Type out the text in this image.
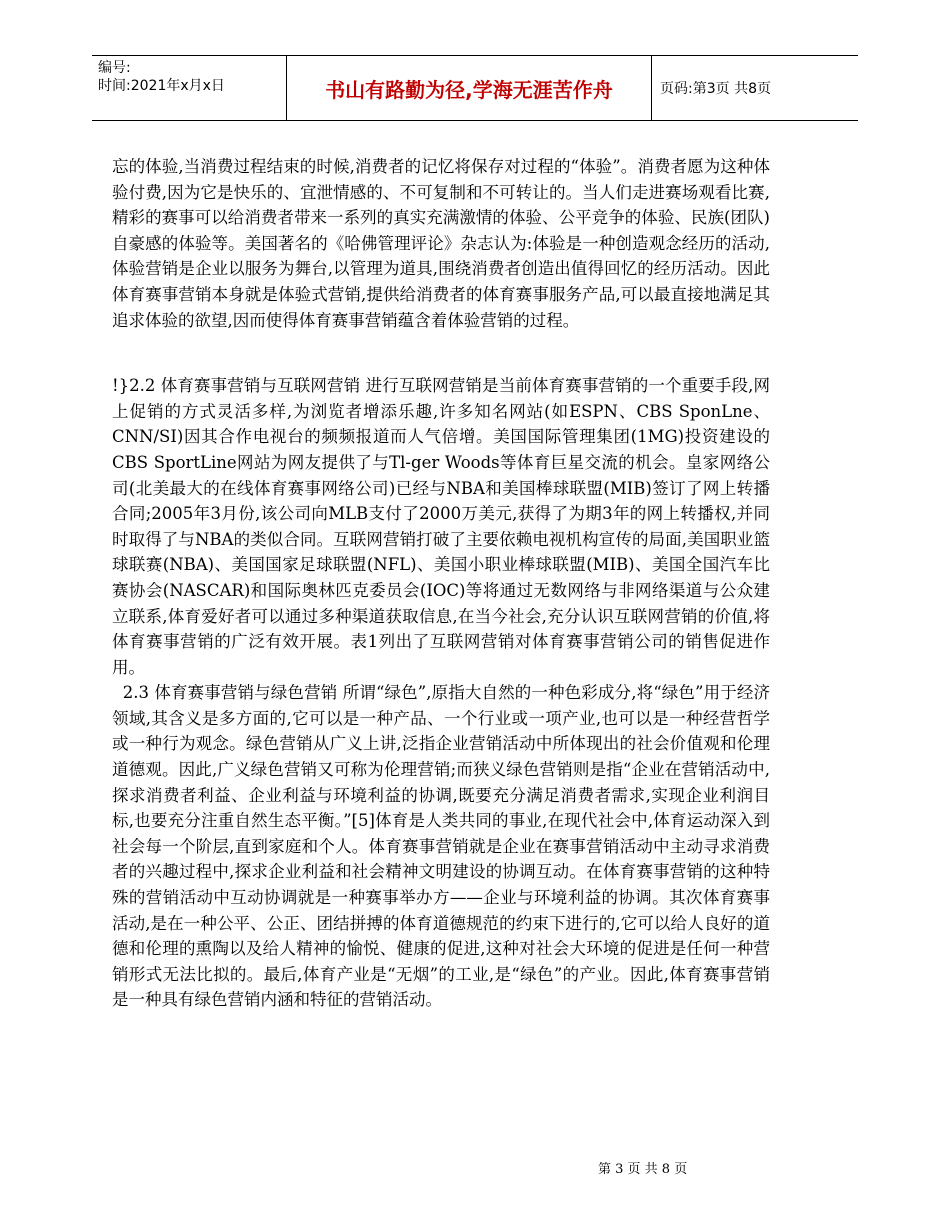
编号:
时间:2021年x月x日	书山有路勤为径,学海无涯苦作舟	页码:第3页 共8页

忘的体验,当消费过程结束的时候,消费者的记忆将保存对过程的“体验”。消费者愿为这种体验付费,因为它是快乐的、宜泄情感的、不可复制和不可转让的。当人们走进赛场观看比赛,精彩的赛事可以给消费者带来一系列的真实充满激情的体验、公平竞争的体验、民族(团队)自豪感的体验等。美国著名的《哈佛管理评论》杂志认为:体验是一种创造观念经历的活动,体验营销是企业以服务为舞台,以管理为道具,围绕消费者创造出值得回忆的经历活动。因此体育赛事营销本身就是体验式营销,提供给消费者的体育赛事服务产品,可以最直接地满足其追求体验的欲望,因而使得体育赛事营销蕴含着体验营销的过程。

!}2.2 体育赛事营销与互联网营销 进行互联网营销是当前体育赛事营销的一个重要手段,网上促销的方式灵活多样,为浏览者增添乐趣,许多知名网站(如ESPN、CBS SponLne、CNN/SI)因其合作电视台的频频报道而人气倍增。美国国际管理集团(1MG)投资建设的CBS SportLine网站为网友提供了与Tl-ger Woods等体育巨星交流的机会。皇家网络公司(北美最大的在线体育赛事网络公司)已经与NBA和美国棒球联盟(MIB)签订了网上转播合同;2005年3月份,该公司向MLB支付了2000万美元,获得了为期3年的网上转播权,并同时取得了与NBA的类似合同。互联网营销打破了主要依赖电视机构宣传的局面,美国职业篮球联赛(NBA)、美国国家足球联盟(NFL)、美国小职业棒球联盟(MIB)、美国全国汽车比赛协会(NASCAR)和国际奥林匹克委员会(IOC)等将通过无数网络与非网络渠道与公众建立联系,体育爱好者可以通过多种渠道获取信息,在当今社会,充分认识互联网营销的价值,将体育赛事营销的广泛有效开展。表1列出了互联网营销对体育赛事营销公司的销售促进作用。

2.3 体育赛事营销与绿色营销 所谓“绿色”,原指大自然的一种色彩成分,将“绿色”用于经济领域,其含义是多方面的,它可以是一种产品、一个行业或一项产业,也可以是一种经营哲学或一种行为观念。绿色营销从广义上讲,泛指企业营销活动中所体现出的社会价值观和伦理道德观。因此,广义绿色营销又可称为伦理营销;而狭义绿色营销则是指“企业在营销活动中,探求消费者利益、企业利益与环境利益的协调,既要充分满足消费者需求,实现企业利润目标,也要充分注重自然生态平衡。”[5]体育是人类共同的事业,在现代社会中,体育运动深入到社会每一个阶层,直到家庭和个人。体育赛事营销就是企业在赛事营销活动中主动寻求消费者的兴趣过程中,探求企业利益和社会精神文明建设的协调互动。在体育赛事营销的这种特殊的营销活动中互动协调就是一种赛事举办方——企业与环境利益的协调。其次体育赛事活动,是在一种公平、公正、团结拼搏的体育道德规范的约束下进行的,它可以给人良好的道德和伦理的熏陶以及给人精神的愉悦、健康的促进,这种对社会大环境的促进是任何一种营销形式无法比拟的。最后,体育产业是“无烟”的工业,是“绿色”的产业。因此,体育赛事营销是一种具有绿色营销内涵和特征的营销活动。

第 3 页 共 8 页
